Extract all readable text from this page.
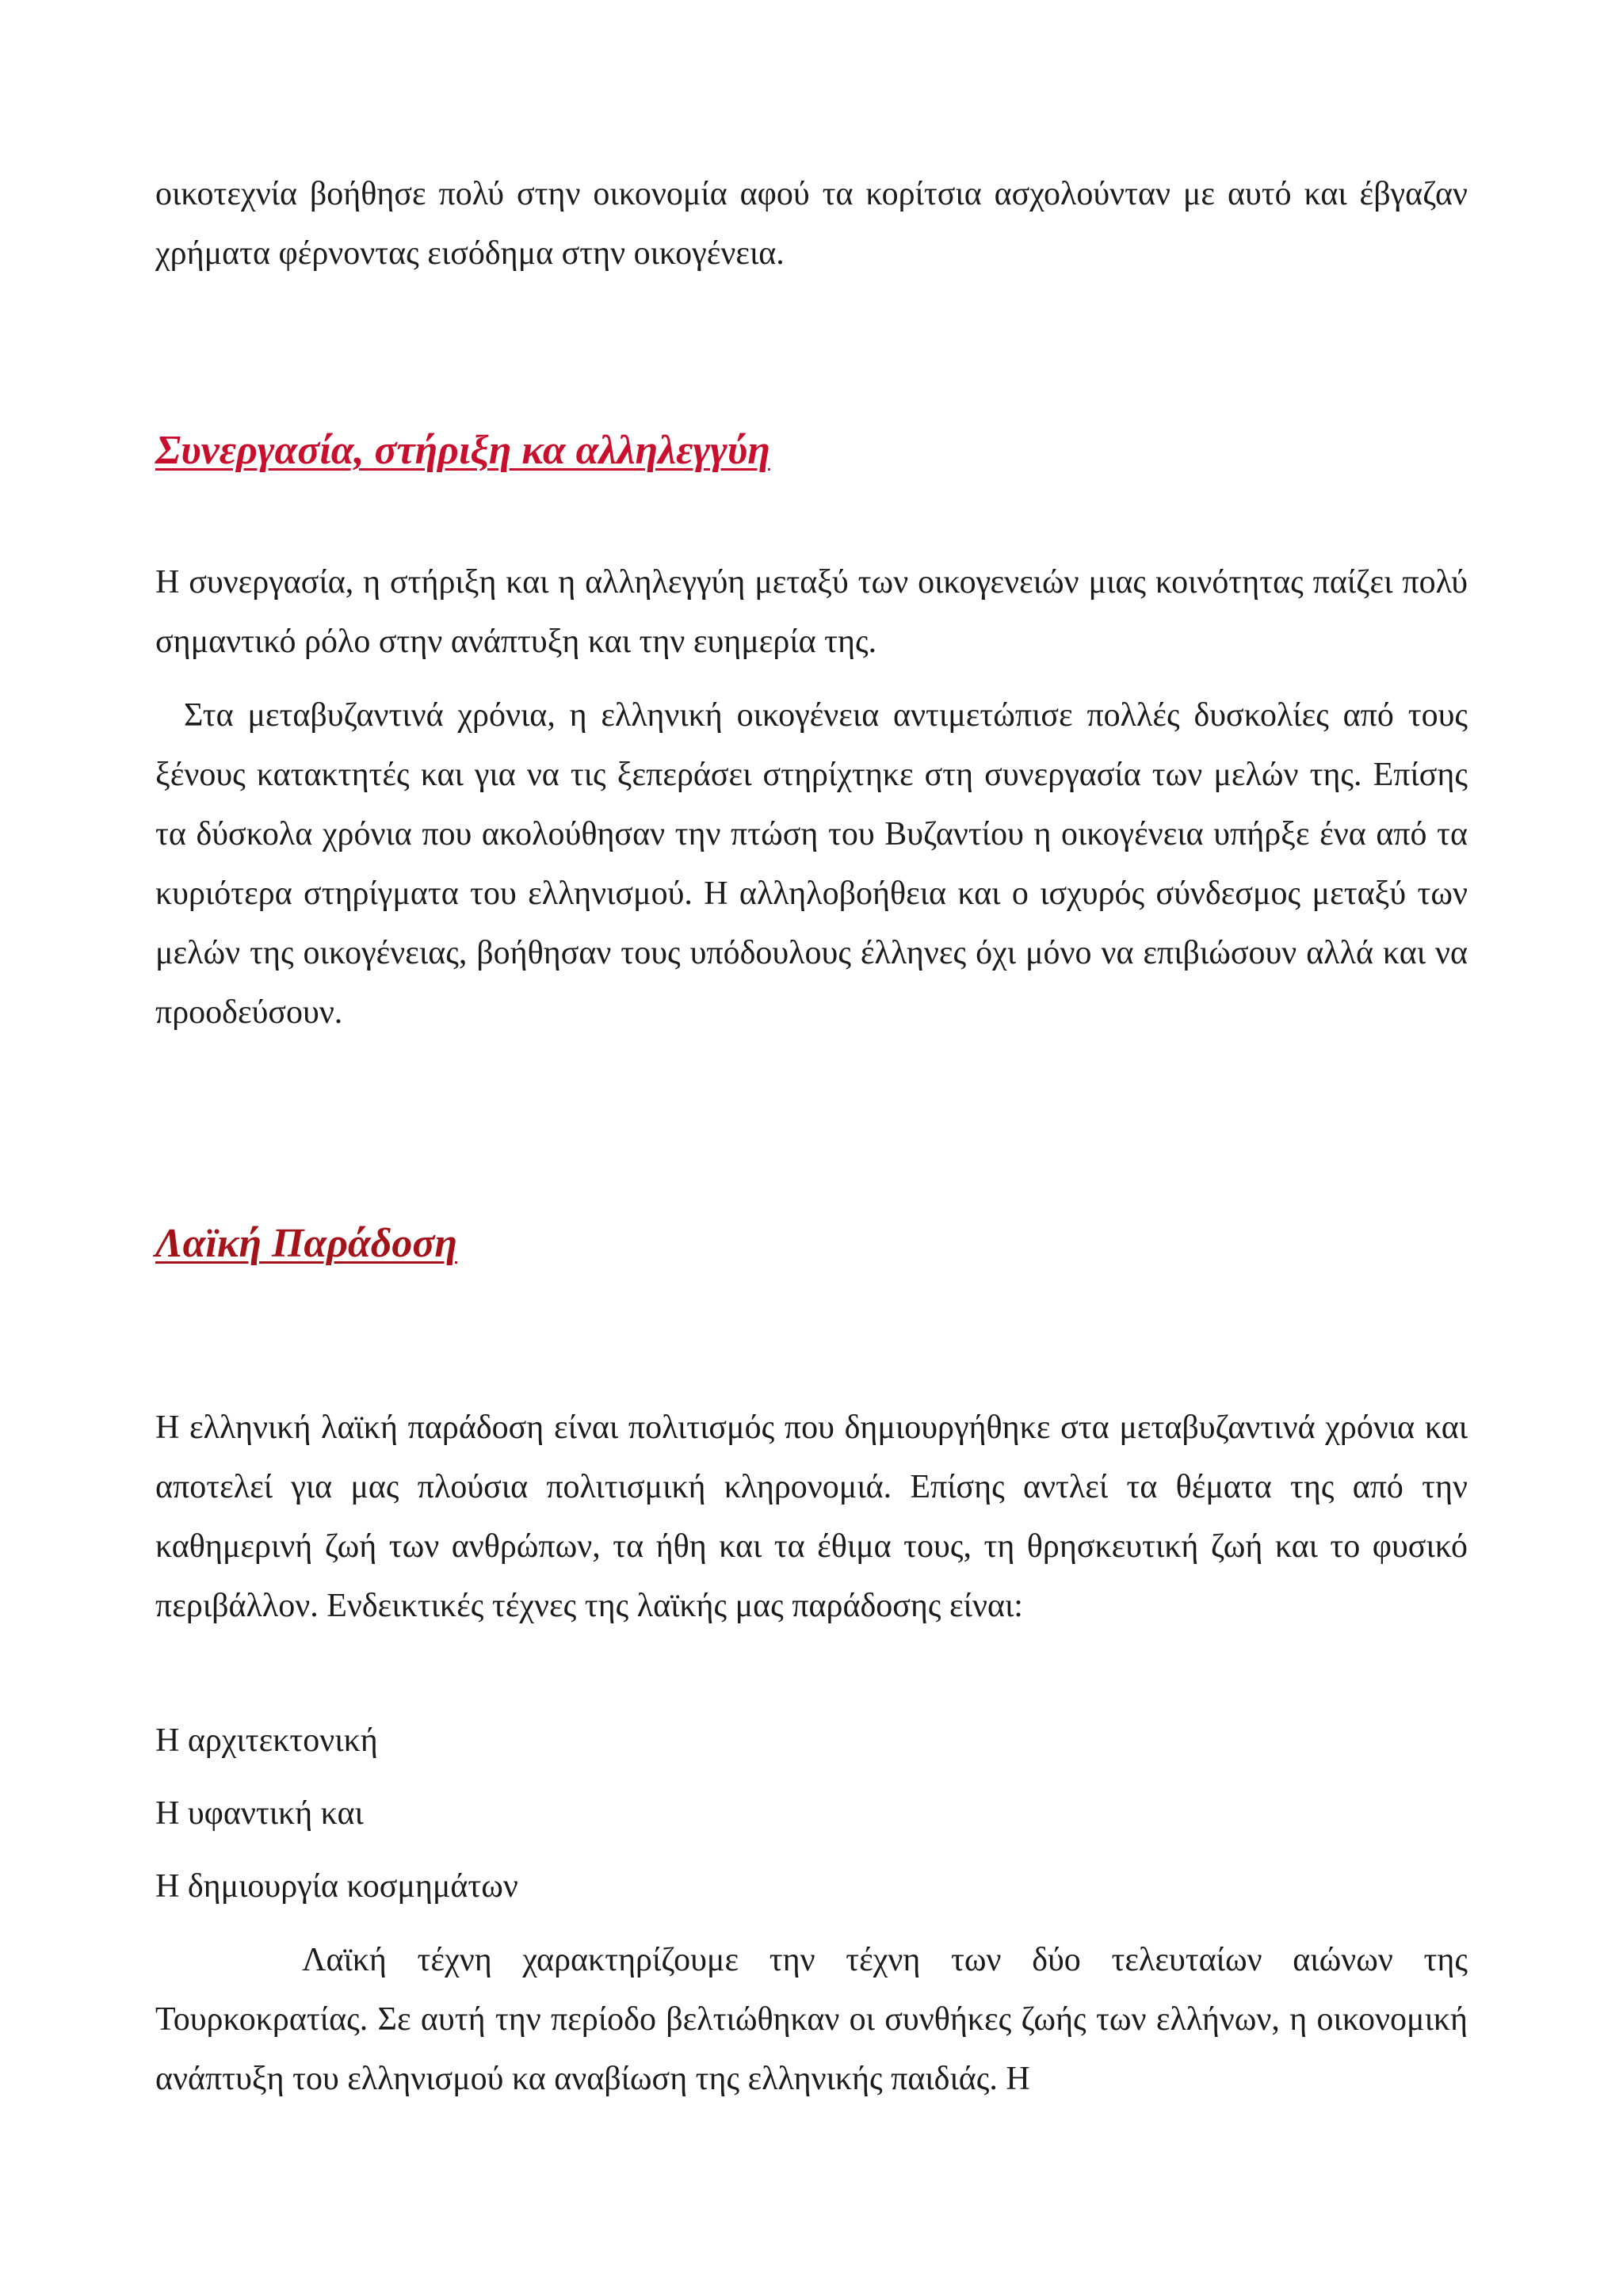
οικοτεχνία βοήθησε πολύ στην οικονομία αφού τα κορίτσια ασχολούνταν με αυτό και έβγαζαν χρήματα φέρνοντας εισόδημα στην οικογένεια.

Συνεργασία, στήριξη κα αλληλεγγύη

Η συνεργασία, η στήριξη και η αλληλεγγύη μεταξύ των οικογενειών μιας κοινότητας παίζει πολύ σημαντικό ρόλο στην ανάπτυξη και την ευημερία της.

Στα μεταβυζαντινά χρόνια, η ελληνική οικογένεια αντιμετώπισε πολλές δυσκολίες από τους ξένους κατακτητές και για να τις ξεπεράσει στηρίχτηκε στη συνεργασία των μελών της. Επίσης τα δύσκολα χρόνια που ακολούθησαν την πτώση του Βυζαντίου η οικογένεια υπήρξε ένα από τα κυριότερα στηρίγματα του ελληνισμού. Η αλληλοβοήθεια και ο ισχυρός σύνδεσμος μεταξύ των μελών της οικογένειας, βοήθησαν τους υπόδουλους έλληνες όχι μόνο να επιβιώσουν αλλά και να προοδεύσουν.

Λαϊκή Παράδοση

Η ελληνική λαϊκή παράδοση είναι πολιτισμός που δημιουργήθηκε στα μεταβυζαντινά χρόνια και αποτελεί για μας πλούσια πολιτισμική κληρονομιά. Επίσης αντλεί τα θέματα της από την καθημερινή ζωή των ανθρώπων, τα ήθη και τα έθιμα τους, τη θρησκευτική ζωή και το φυσικό περιβάλλον. Ενδεικτικές τέχνες της λαϊκής μας παράδοσης είναι:

Η αρχιτεκτονική

Η υφαντική και

Η δημιουργία κοσμημάτων

Λαϊκή τέχνη χαρακτηρίζουμε την τέχνη των δύο τελευταίων αιώνων της Τουρκοκρατίας. Σε αυτή την περίοδο βελτιώθηκαν οι συνθήκες ζωής των ελλήνων, η οικονομική ανάπτυξη του ελληνισμού κα αναβίωση της ελληνικής παιδιάς. Η
